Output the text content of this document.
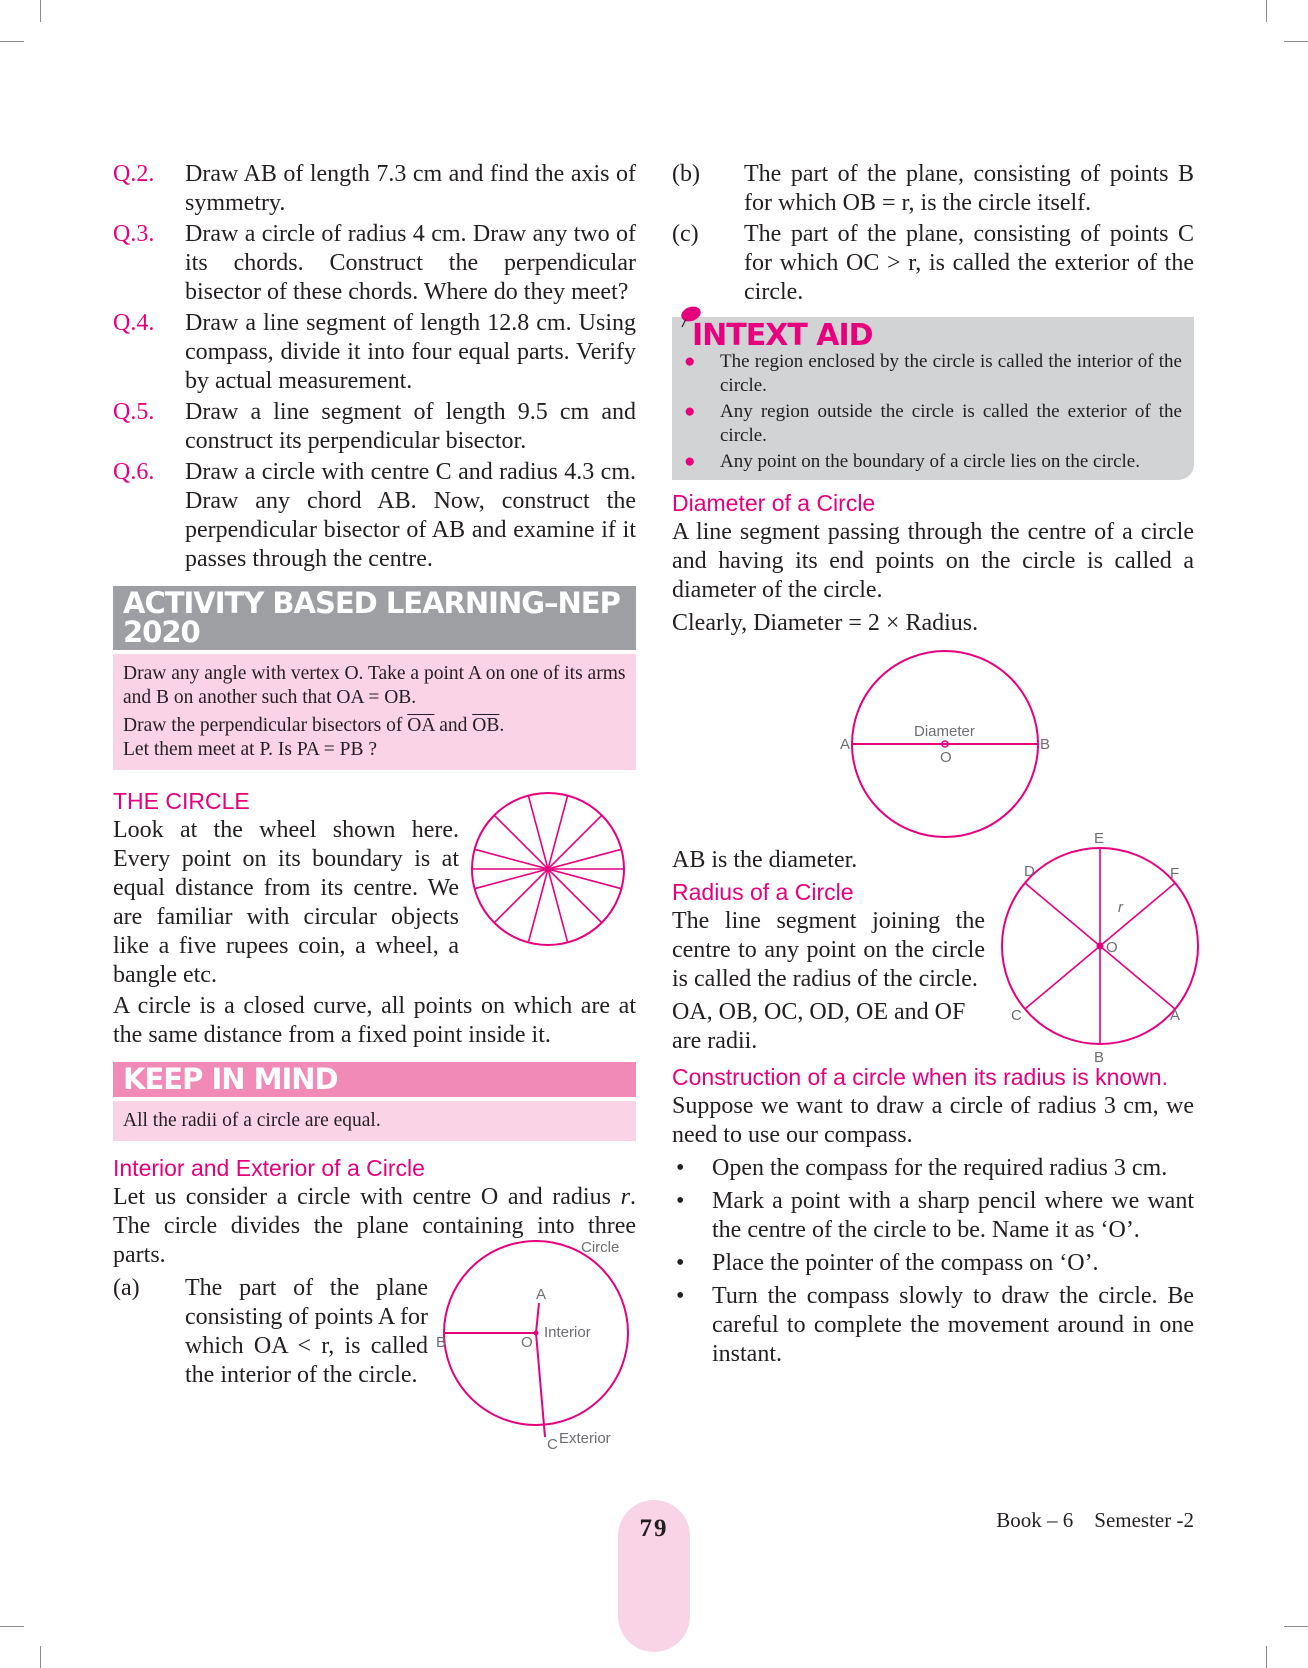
Q.2.	Draw AB of length 7.3 cm and find the axis of symmetry.
Q.3.	Draw a circle of radius 4 cm. Draw any two of its chords. Construct the perpendicular bisector of these chords. Where do they meet?
Q.4.	Draw a line segment of length 12.8 cm. Using compass, divide it into four equal parts. Verify by actual measurement.
Q.5.	Draw a line segment of length 9.5 cm and construct its perpendicular bisector.
Q.6.	Draw a circle with centre C and radius 4.3 cm. Draw any chord AB. Now, construct the perpendicular bisector of AB and examine if it passes through the centre.
ACTIVITY BASED LEARNING–NEP 2020
Draw any angle with vertex O. Take a point A on one of its arms and B on another such that OA = OB.
Draw the perpendicular bisectors of $\overline{OA}$ and $\overline{OB}$.
Let them meet at P. Is PA = PB ?
THE CIRCLE
Look at the wheel shown here. Every point on its boundary is at equal distance from its centre. We are familiar with circular objects like a five rupees coin, a wheel, a bangle etc.
A circle is a closed curve, all points on which are at the same distance from a fixed point inside it.
KEEP IN MIND
All the radii of a circle are equal.
Interior and Exterior of a Circle
Let us consider a circle with centre O and radius r. The circle divides the plane containing into three parts.
(a)	The part of the plane consisting of points A for which OA < r, is called the interior of the circle.
Circle
A
Interior
B	O
C Exterior
(b)	The part of the plane, consisting of points B for which OB = r, is the circle itself.
(c)	The part of the plane, consisting of points C for which OC > r, is called the exterior of the circle.
INTEXT AID
●	The region enclosed by the circle is called the interior of the circle.
●	Any region outside the circle is called the exterior of the circle.
●	Any point on the boundary of a circle lies on the circle.
Diameter of a Circle
A line segment passing through the centre of a circle and having its end points on the circle is called a diameter of the circle.
Clearly, Diameter = 2 × Radius.
A	B
Diameter
O
AB is the diameter.
Radius of a Circle
The line segment joining the centre to any point on the circle is called the radius of the circle.
OA, OB, OC, OD, OE and OF are radii.
E
D	F
r
O
C	A
B
Construction of a circle when its radius is known.
Suppose we want to draw a circle of radius 3 cm, we need to use our compass.
•	Open the compass for the required radius 3 cm.
•	Mark a point with a sharp pencil where we want the centre of the circle to be. Name it as ‘O’.
•	Place the pointer of the compass on ‘O’.
•	Turn the compass slowly to draw the circle. Be careful to complete the movement around in one instant.
79	Book – 6    Semester -2
